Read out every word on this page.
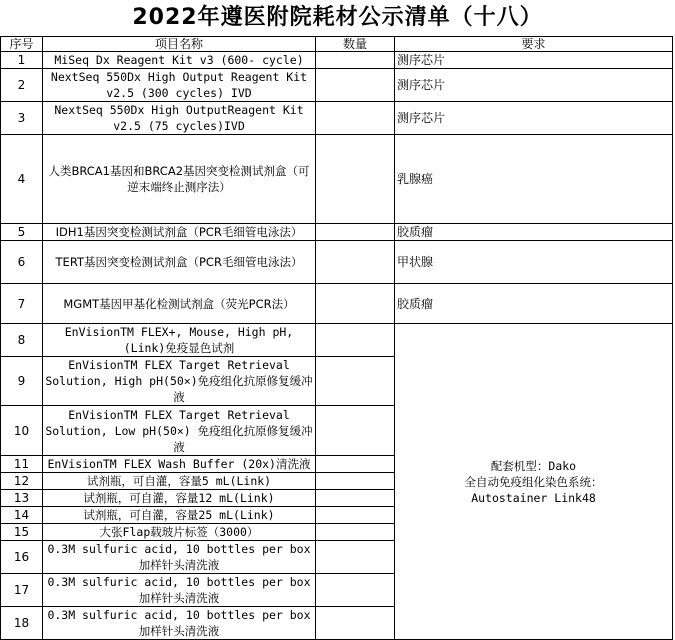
2022年遵医附院耗材公示清单（十八）
序号	项目名称	数量	要求
1	MiSeq Dx Reagent Kit v3 (600- cycle)		测序芯片
2	NextSeq 550Dx High Output Reagent Kit v2.5 (300 cycles) IVD		测序芯片
3	NextSeq 550Dx High OutputReagent Kit v2.5 (75 cycles)IVD		测序芯片
4	人类BRCA1基因和BRCA2基因突变检测试剂盒（可逆末端终止测序法）		乳腺癌
5	IDH1基因突变检测试剂盒（PCR毛细管电泳法）		胶质瘤
6	TERT基因突变检测试剂盒（PCR毛细管电泳法）		甲状腺
7	MGMT基因甲基化检测试剂盒（荧光PCR法）		胶质瘤
8	EnVisionTM FLEX+, Mouse, High pH, (Link)免疫显色试剂		配套机型：Dako
全自动免疫组化染色系统：
Autostainer Link48

9	EnVisionTM FLEX Target Retrieval Solution, High pH(50×)免疫组化抗原修复缓冲液		
10	EnVisionTM FLEX Target Retrieval Solution, Low pH(50×) 免疫组化抗原修复缓冲液		
11	EnVisionTM FLEX Wash Buffer (20x)清洗液		
12	试剂瓶，可自灌，容量5 mL(Link)		
13	试剂瓶，可自灌，容量12 mL(Link)		
14	试剂瓶，可自灌，容量25 mL(Link)		
15	大张Flap载玻片标签（3000）		
16	0.3M sulfuric acid, 10 bottles per box 加样针头清洗液		
17	0.3M sulfuric acid, 10 bottles per box 加样针头清洗液		
18	0.3M sulfuric acid, 10 bottles per box 加样针头清洗液		
